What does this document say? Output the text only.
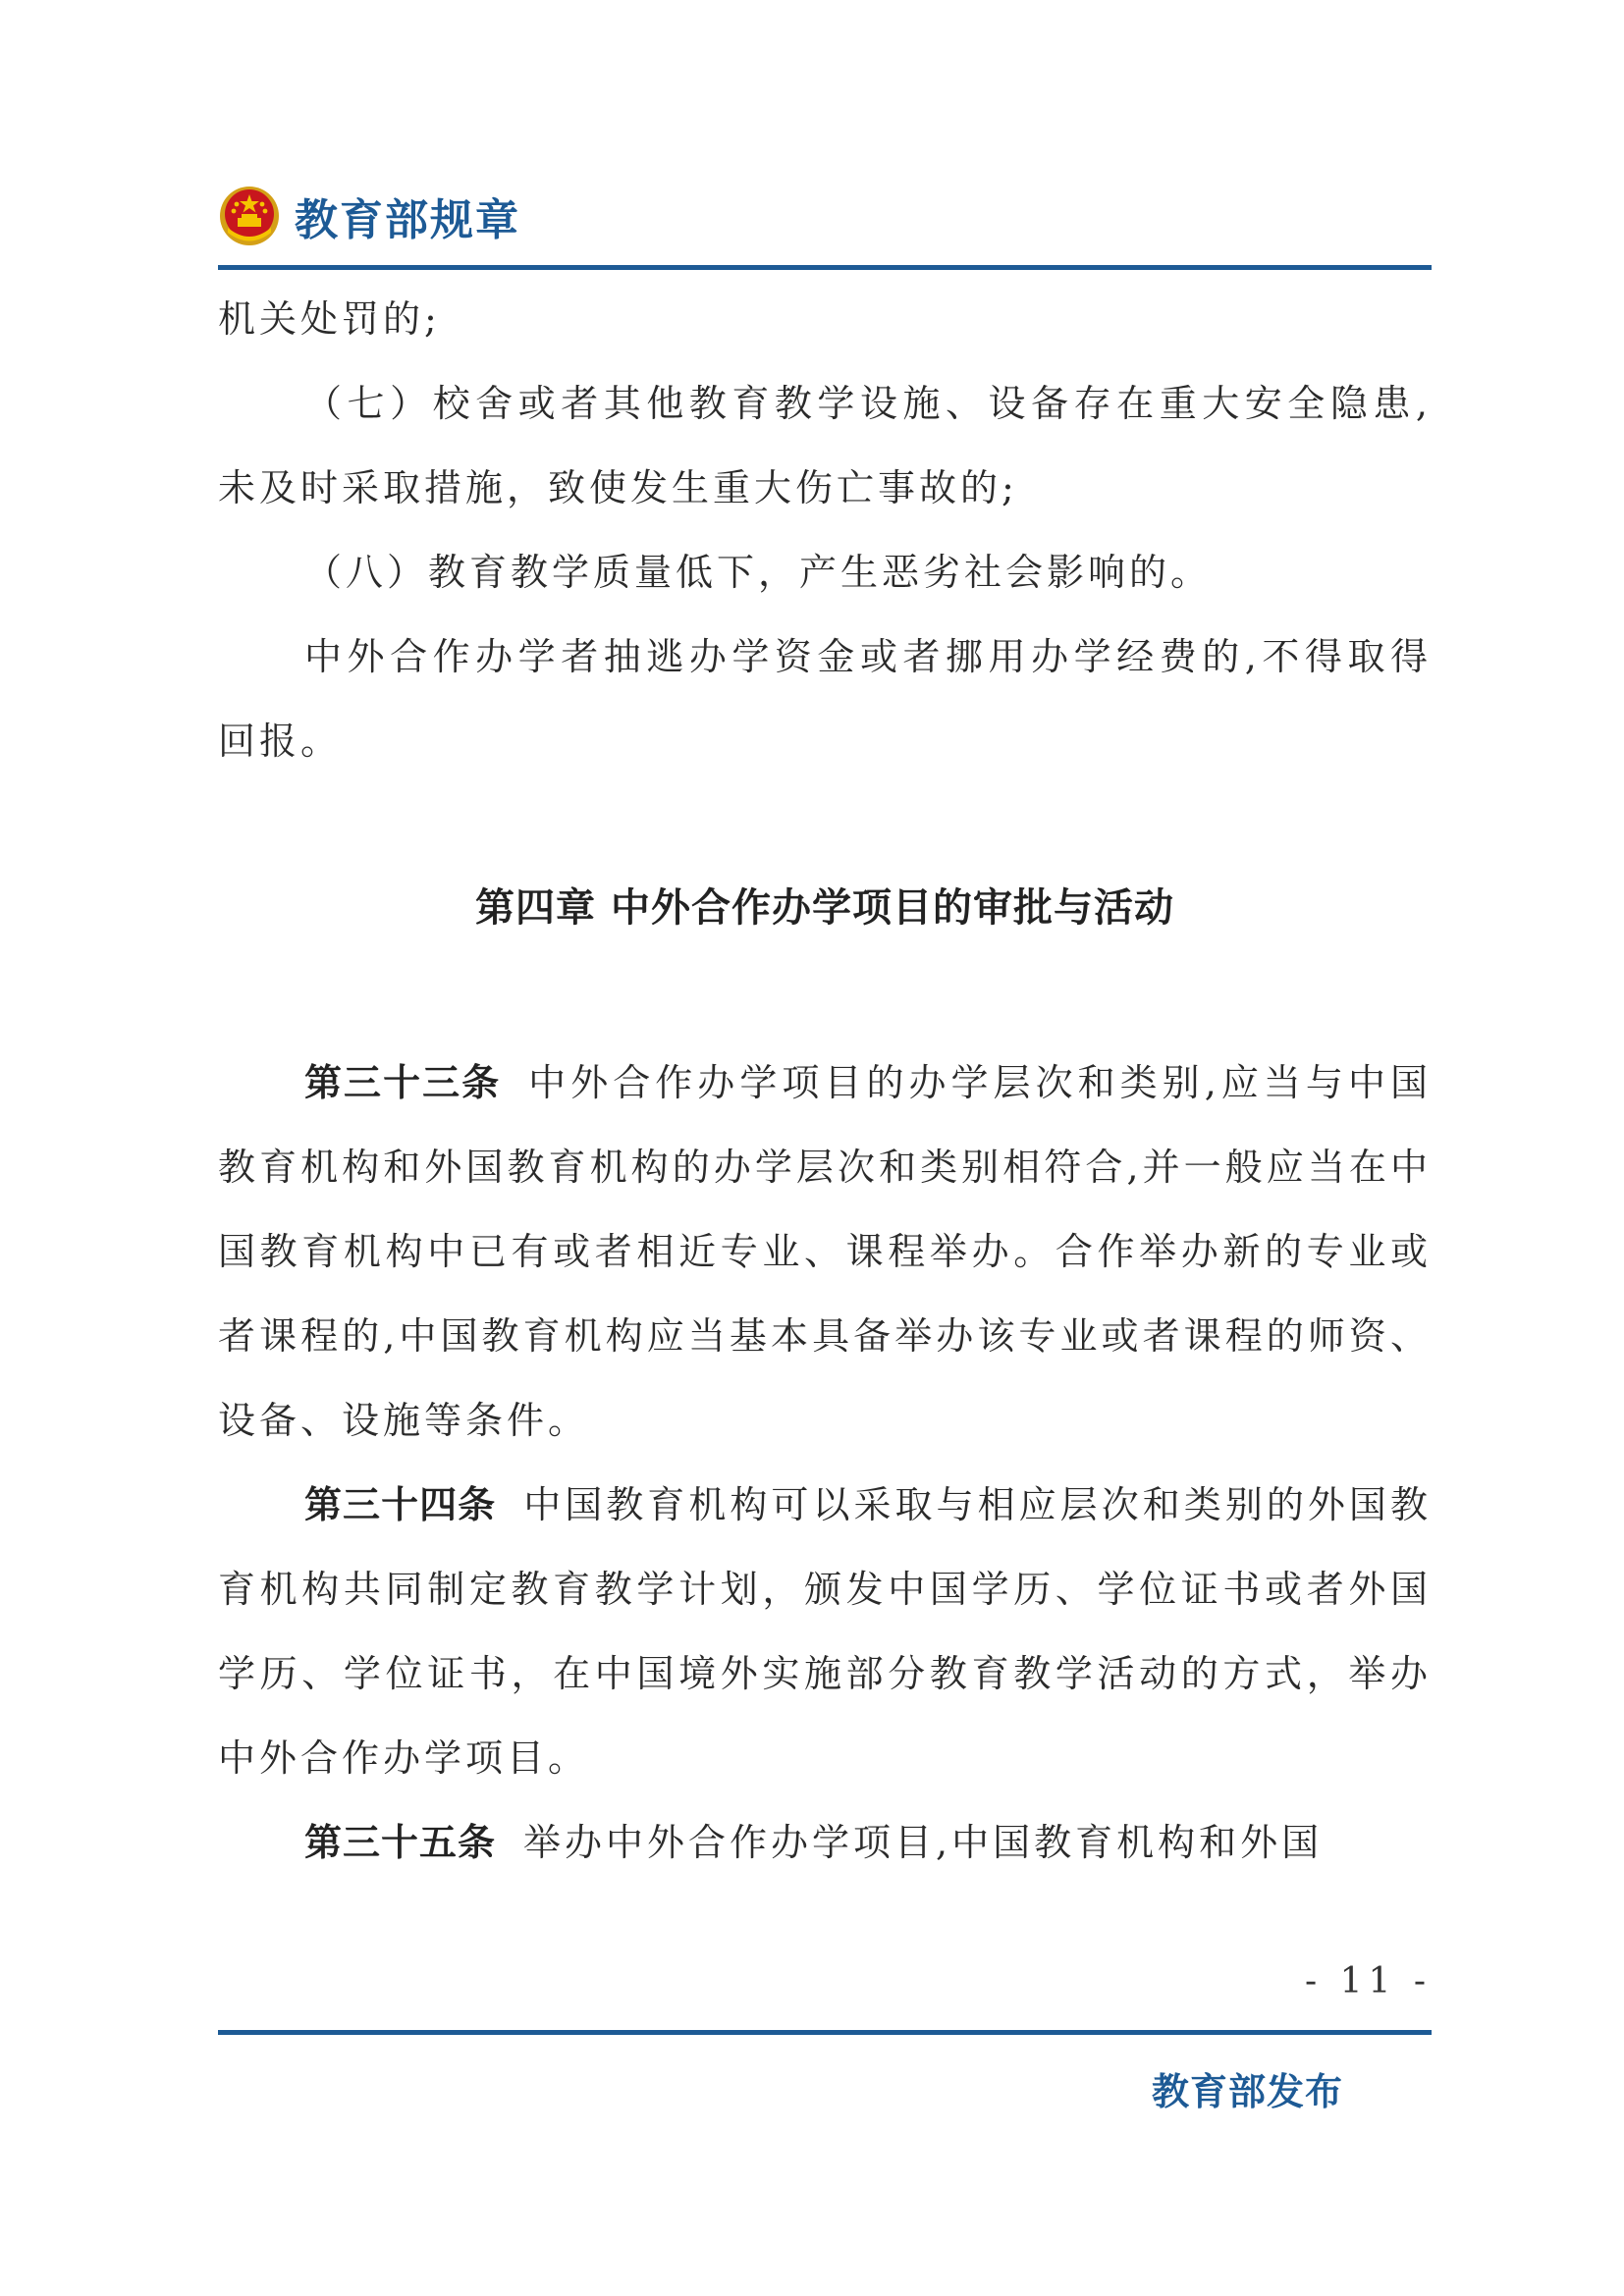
教育部规章

机关处罚的;

（七）校舍或者其他教育教学设施、设备存在重大安全隐患,未及时采取措施，致使发生重大伤亡事故的;

（八）教育教学质量低下，产生恶劣社会影响的。

中外合作办学者抽逃办学资金或者挪用办学经费的,不得取得回报。

第四章 中外合作办学项目的审批与活动

第三十三条 中外合作办学项目的办学层次和类别,应当与中国教育机构和外国教育机构的办学层次和类别相符合,并一般应当在中国教育机构中已有或者相近专业、课程举办。合作举办新的专业或者课程的,中国教育机构应当基本具备举办该专业或者课程的师资、设备、设施等条件。

第三十四条 中国教育机构可以采取与相应层次和类别的外国教育机构共同制定教育教学计划，颁发中国学历、学位证书或者外国学历、学位证书，在中国境外实施部分教育教学活动的方式，举办中外合作办学项目。

第三十五条 举办中外合作办学项目,中国教育机构和外国

- 11 -
教育部发布
